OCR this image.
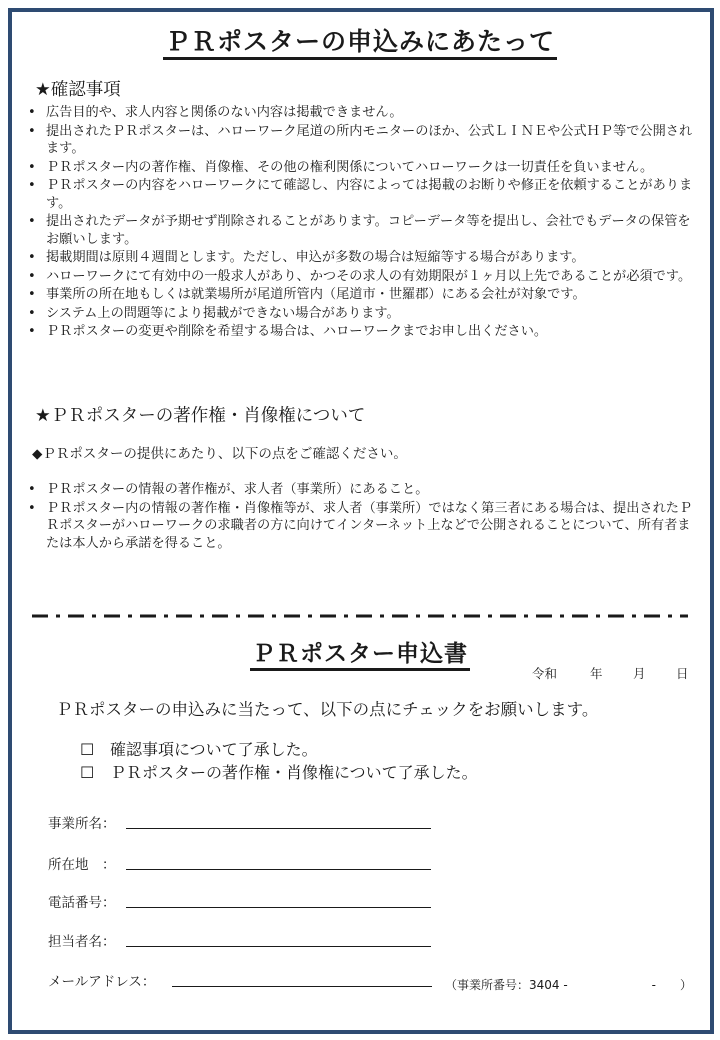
ＰＲポスターの申込みにあたって
★確認事項
• 広告目的や、求人内容と関係のない内容は掲載できません。
• 提出されたＰＲポスターは、ハローワーク尾道の所内モニターのほか、公式ＬＩＮＥや公式ＨＰ等で公開されます。
• ＰＲポスター内の著作権、肖像権、その他の権利関係についてハローワークは一切責任を負いません。
• ＰＲポスターの内容をハローワークにて確認し、内容によっては掲載のお断りや修正を依頼することがあります。
• 提出されたデータが予期せず削除されることがあります。コピーデータ等を提出し、会社でもデータの保管をお願いします。
• 掲載期間は原則４週間とします。ただし、申込が多数の場合は短縮等する場合があります。
• ハローワークにて有効中の一般求人があり、かつその求人の有効期限が１ヶ月以上先であることが必須です。
• 事業所の所在地もしくは就業場所が尾道所管内（尾道市・世羅郡）にある会社が対象です。
• システム上の問題等により掲載ができない場合があります。
• ＰＲポスターの変更や削除を希望する場合は、ハローワークまでお申し出ください。
★ＰＲポスターの著作権・肖像権について
◆ＰＲポスターの提供にあたり、以下の点をご確認ください。
• ＰＲポスターの情報の著作権が、求人者（事業所）にあること。
• ＰＲポスター内の情報の著作権・肖像権等が、求人者（事業所）ではなく第三者にある場合は、提出されたＰＲポスターがハローワークの求職者の方に向けてインターネット上などで公開されることについて、所有者または本人から承諾を得ること。
ＰＲポスター申込書
令和	年 月 日
ＰＲポスターの申込みに当たって、以下の点にチェックをお願いします。
☐ 確認事項について了承した。
☐ ＰＲポスターの著作権・肖像権について了承した。
事業所名：
所在地　：
電話番号：
担当者名：
メールアドレス：	（事業所番号：3404 -　　　　　　　-　　）
